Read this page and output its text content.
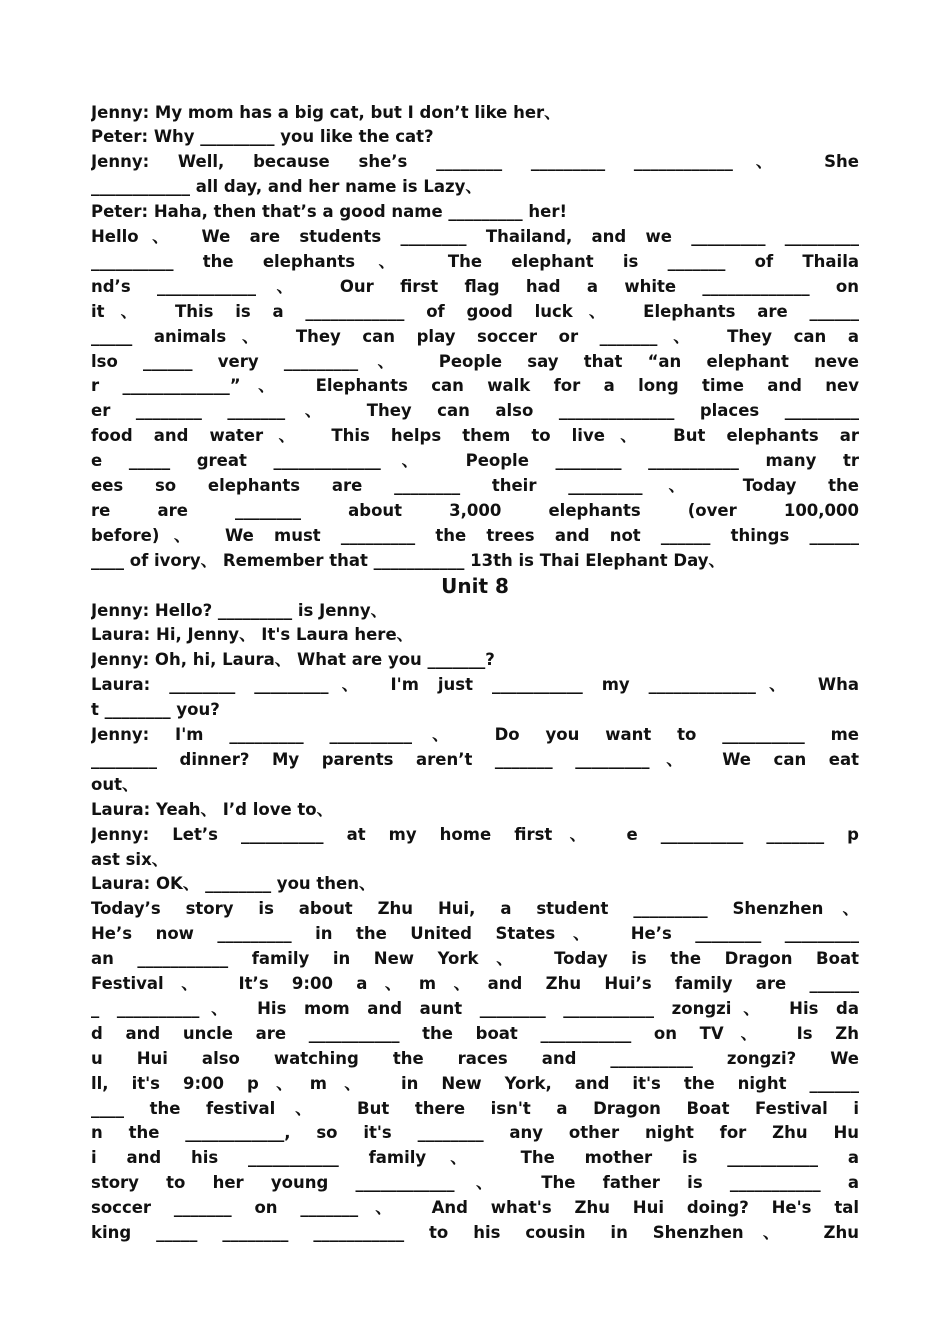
Jenny: My mom has a big cat, but I don’t like her、
Peter: Why _________ you like the cat?
Jenny: Well, because she’s ________ _________ ____________、 She
____________ all day, and her name is Lazy、
Peter: Haha, then that’s a good name _________ her!
Hello、 We are students ________ Thailand, and we _________ _________
__________ the elephants、 The elephant is _______ of Thaila
nd’s ____________、 Our first flag had a white _____________ on
it、 This is a ____________ of good luck、 Elephants are ______
_____ animals、 They can play soccer or _______、 They can a
lso ______ very _________、 People say that “an elephant neve
r _____________”、 Elephants can walk for a long time and nev
er ________ _______、 They can also ______________ places _________
food and water、 This helps them to live、 But elephants ar
e _____ great _____________、 People ________ ___________ many tr
ees so elephants are ________ their _________、 Today the
re are ________ about 3,000 elephants (over 100,000
before)、 We must _________ the trees and not ______ things ______
____ of ivory、 Remember that ___________ 13th is Thai Elephant Day、
Unit 8
Jenny: Hello? _________ is Jenny、
Laura: Hi, Jenny、 It's Laura here、
Jenny: Oh, hi, Laura、 What are you _______?
Laura: ________ _________、 I'm just ___________ my _____________、 Wha
t ________ you?
Jenny: I'm _________ __________、 Do you want to __________ me
________ dinner? My parents aren’t _______ _________、 We can eat
out、
Laura: Yeah、 I’d love to、
Jenny: Let’s __________ at my home first、 e __________ _______ p
ast six、
Laura: OK、 ________ you then、
Today’s story is about Zhu Hui, a student _________ Shenzhen、
He’s now _________ in the United States、 He’s ________ _________
an ___________ family in New York、 Today is the Dragon Boat
Festival、 It’s 9:00 a、m、and Zhu Hui’s family are ______
_ __________、 His mom and aunt ________ ___________ zongzi、 His da
d and uncle are ___________ the boat ___________ on TV、 Is Zh
u Hui also watching the races and __________ zongzi? We
ll, it's 9:00 p、m、 in New York, and it's the night ______
____ the festival、 But there isn't a Dragon Boat Festival i
n the ____________, so it's ________ any other night for Zhu Hu
i and his ___________ family、 The mother is ___________ a
story to her young ____________、 The father is ___________ a
soccer _______ on _______、 And what's Zhu Hui doing? He's tal
king _____ ________ ___________ to his cousin in Shenzhen、 Zhu
